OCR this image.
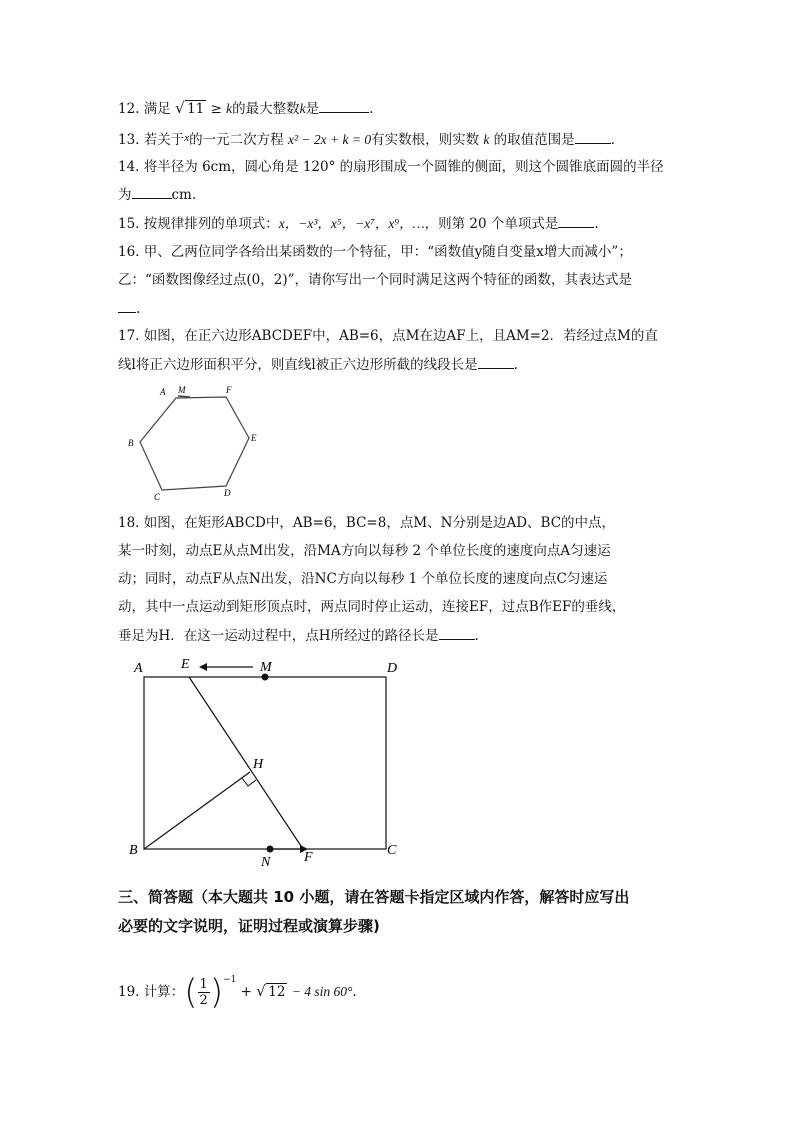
12. 满足 √ 11 ≥ k的最大整数k是	.
13. 若关于$^x$的一元二次方程 x² − 2x + k = 0有实数根，则实数 k 的取值范围是	.
14. 将半径为 6cm，圆心角是 120° 的扇形围成一个圆锥的侧面，则这个圆锥底面圆的半径
为	cm.
15. 按规律排列的单项式：x，−x³，x⁵，−x⁷，x⁹，…，则第 20 个单项式是	.
16. 甲、乙两位同学各给出某函数的一个特征，甲：“函数值y随自变量x增大而减小”；
乙：“函数图像经过点(0，2)”，请你写出一个同时满足这两个特征的函数，其表达式是
.
17. 如图，在正六边形ABCDEF中，AB=6，点M在边AF上，且AM=2．若经过点M的直
线l将正六边形面积平分，则直线l被正六边形所截的线段长是	.
A M	F
B	E
C	D
18. 如图，在矩形ABCD中，AB=6，BC=8，点M、N分别是边AD、BC的中点，
某一时刻，动点E从点M出发，沿MA方向以每秒 2 个单位长度的速度向点A匀速运
动；同时，动点F从点N出发，沿NC方向以每秒 1 个单位长度的速度向点C匀速运
动，其中一点运动到矩形顶点时，两点同时停止运动，连接EF，过点B作EF的垂线，
垂足为H．在这一运动过程中，点H所经过的路径长是	.
A	E	M	D
H
B
N F	C
三、简答题（本大题共 10 小题，请在答题卡指定区域内作答，解答时应写出
必要的文字说明，证明过程或演算步骤)
19. 计算：( $\frac{1}{2} )^{-1}$ + √ 12 − 4 sin 60°.
